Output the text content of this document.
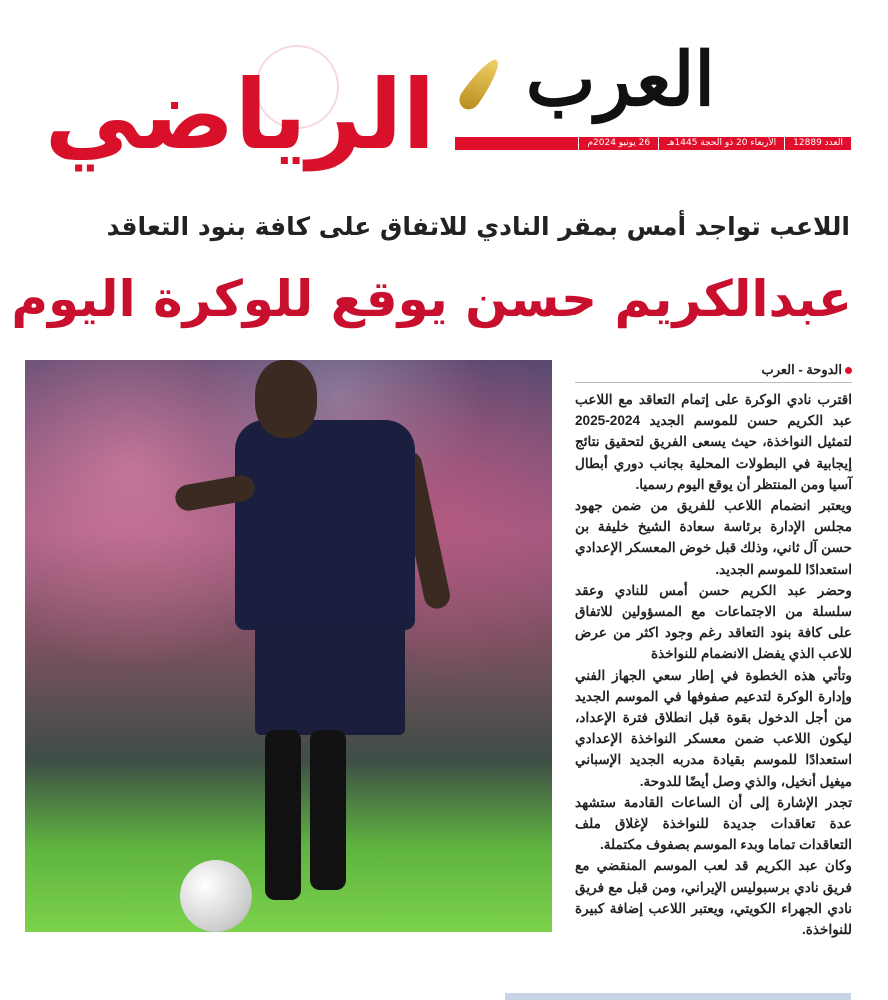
الرياضي	العرب
العدد 12889
الأربعاء 20 ذو الحجة 1445هـ
26 يونيو 2024م
اللاعب تواجد أمس بمقر النادي للاتفاق على كافة بنود التعاقد
عبدالكريم حسن يوقع للوكرة اليوم
الدوحة - العرب

اقترب نادي الوكرة على إتمام التعاقد مع اللاعب عبد الكريم حسن للموسم الجديد 2024-2025 لتمثيل النواخذة، حيث يسعى الفريق لتحقيق نتائج إيجابية في البطولات المحلية بجانب دوري أبطال آسيا ومن المنتظر أن يوقع اليوم رسميا.

ويعتبر انضمام اللاعب للفريق من ضمن جهود مجلس الإدارة برئاسة سعادة الشيخ خليفة بن حسن آل ثاني، وذلك قبل خوض المعسكر الإعدادي استعدادًا للموسم الجديد.

وحضر عبد الكريم حسن أمس للنادي وعقد سلسلة من الاجتماعات مع المسؤولين للاتفاق على كافة بنود التعاقد رغم وجود اكثر من عرض للاعب الذي يفضل الانضمام للنواخذة

وتأتي هذه الخطوة في إطار سعي الجهاز الفني وإدارة الوكرة لتدعيم صفوفها في الموسم الجديد من أجل الدخول بقوة قبل انطلاق فترة الإعداد، ليكون اللاعب ضمن معسكر النواخذة الإعدادي استعدادًا للموسم بقيادة مدربه الجديد الإسباني ميغيل أنخيل، والذي وصل أيضًا للدوحة.

تجدر الإشارة إلى أن الساعات القادمة ستشهد عدة تعاقدات جديدة للنواخذة لإغلاق ملف التعاقدات تماما وبدء الموسم بصفوف مكتملة.

وكان عبد الكريم قد لعب الموسم المنقضي مع فريق نادي برسبوليس الإيراني، ومن قبل مع فريق نادي الجهراء الكويتي، ويعتبر اللاعب إضافة كبيرة للنواخذة.
